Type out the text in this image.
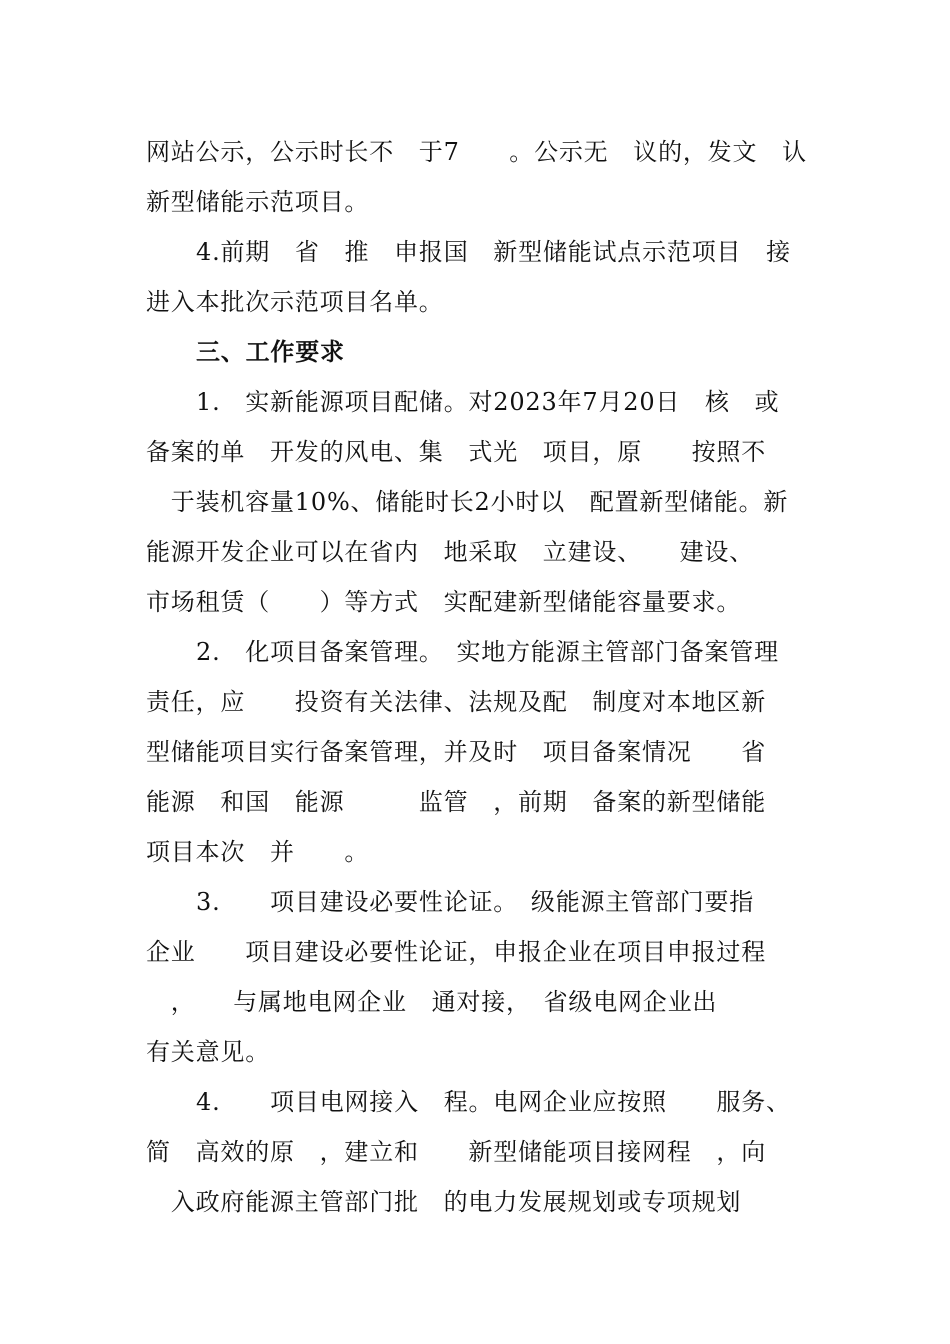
网站公示，公示时长不　于7　　。公示无　议的，发文　认
新型储能示范项目。
4.前期　省　推　申报国　新型储能试点示范项目　接
进入本批次示范项目名单。
三、工作要求
1.　实新能源项目配储。对2023年7月20日　核　或
备案的单　开发的风电、集　式光　项目，原　　按照不
　于装机容量10%、储能时长2小时以　配置新型储能。新
能源开发企业可以在省内　地采取　立建设、　　建设、
市场租赁（　　）等方式　实配建新型储能容量要求。
2.　化项目备案管理。　实地方能源主管部门备案管理
责任，应　　投资有关法律、法规及配　制度对本地区新
型储能项目实行备案管理，并及时　项目备案情况　　省
能源　和国　能源　　　监管　，前期　备案的新型储能
项目本次　并　　。
3.　　项目建设必要性论证。　级能源主管部门要指
企业　　项目建设必要性论证，申报企业在项目申报过程
　，　　与属地电网企业　通对接，　省级电网企业出
有关意见。
4.　　项目电网接入　程。电网企业应按照　　服务、
简　高效的原　，建立和　　新型储能项目接网程　，向
　入政府能源主管部门批　的电力发展规划或专项规划
